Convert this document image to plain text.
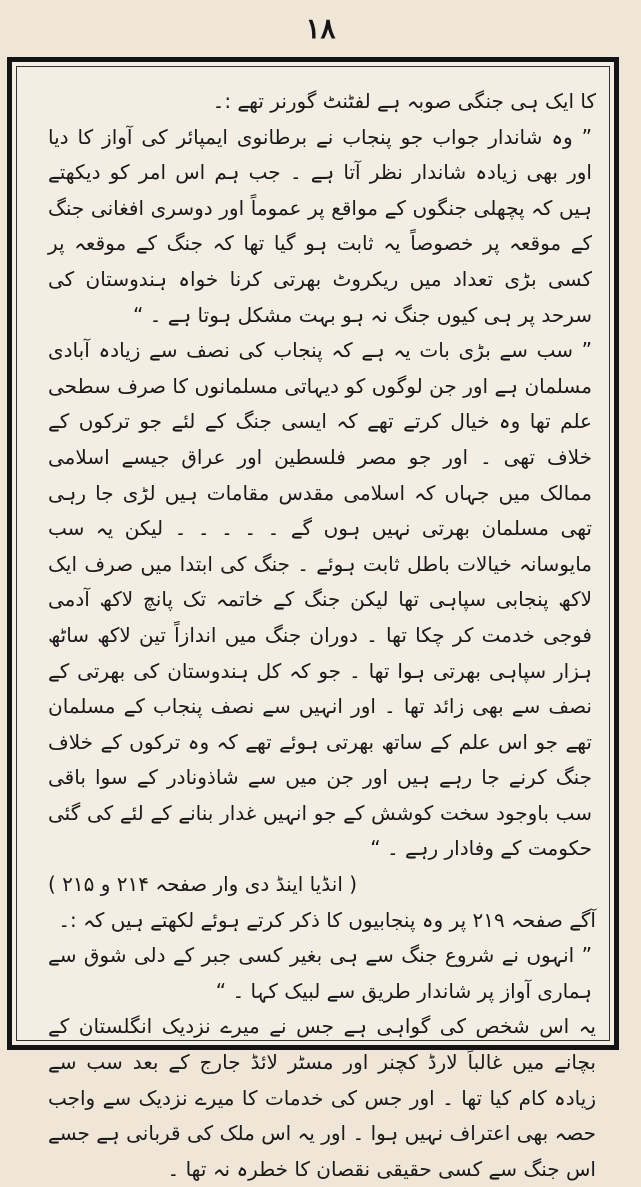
۱۸

کا ایک ہی جنگی صوبہ ہے لفٹنٹ گورنر تھے :۔

” وہ شاندار جواب جو پنجاب نے برطانوی ایمپائر کی آواز کا دیا اور بھی زیادہ شاندار نظر آتا ہے ۔ جب ہم اس امر کو دیکھتے ہیں کہ پچھلی جنگوں کے مواقع پر عموماً اور دوسری افغانی جنگ کے موقعہ پر خصوصاً یہ ثابت ہو گیا تھا کہ جنگ کے موقعہ پر کسی بڑی تعداد میں ریکروٹ بھرتی کرنا خواہ ہندوستان کی سرحد پر ہی کیوں جنگ نہ ہو بہت مشکل ہوتا ہے ۔ “

” سب سے بڑی بات یہ ہے کہ پنجاب کی نصف سے زیادہ آبادی مسلمان ہے اور جن لوگوں کو دیہاتی مسلمانوں کا صرف سطحی علم تھا وہ خیال کرتے تھے کہ ایسی جنگ کے لئے جو ترکوں کے خلاف تھی ۔ اور جو مصر فلسطین اور عراق جیسے اسلامی ممالک میں جہاں کہ اسلامی مقدس مقامات ہیں لڑی جا رہی تھی مسلمان بھرتی نہیں ہوں گے ۔ ۔ ۔ ۔ ۔ لیکن یہ سب مایوسانہ خیالات باطل ثابت ہوئے ۔ جنگ کی ابتدا میں صرف ایک لاکھ پنجابی سپاہی تھا لیکن جنگ کے خاتمہ تک پانچ لاکھ آدمی فوجی خدمت کر چکا تھا ۔ دوران جنگ میں اندازاً تین لاکھ ساٹھ ہزار سپاہی بھرتی ہوا تھا ۔ جو کہ کل ہندوستان کی بھرتی کے نصف سے بھی زائد تھا ۔ اور انہیں سے نصف پنجاب کے مسلمان تھے جو اس علم کے ساتھ بھرتی ہوئے تھے کہ وہ ترکوں کے خلاف جنگ کرنے جا رہے ہیں اور جن میں سے شاذونادر کے سوا باقی سب باوجود سخت کوشش کے جو انہیں غدار بنانے کے لئے کی گئی حکومت کے وفادار رہے ۔ “

( انڈیا اینڈ دی وار صفحہ ۲۱۴ و ۲۱۵ )

آگے صفحہ ۲۱۹ پر وہ پنجابیوں کا ذکر کرتے ہوئے لکھتے ہیں کہ :۔

” انہوں نے شروع جنگ سے ہی بغیر کسی جبر کے دلی شوق سے ہماری آواز پر شاندار طریق سے لبیک کہا ۔ “

یہ اس شخص کی گواہی ہے جس نے میرے نزدیک انگلستان کے بچانے میں غالباً لارڈ کچنر اور مسٹر لائڈ جارج کے بعد سب سے زیادہ کام کیا تھا ۔ اور جس کی خدمات کا میرے نزدیک سے واجب حصہ بھی اعتراف نہیں ہوا ۔ اور یہ اس ملک کی قربانی ہے جسے اس جنگ سے کسی حقیقی نقصان کا خطرہ نہ تھا ۔
